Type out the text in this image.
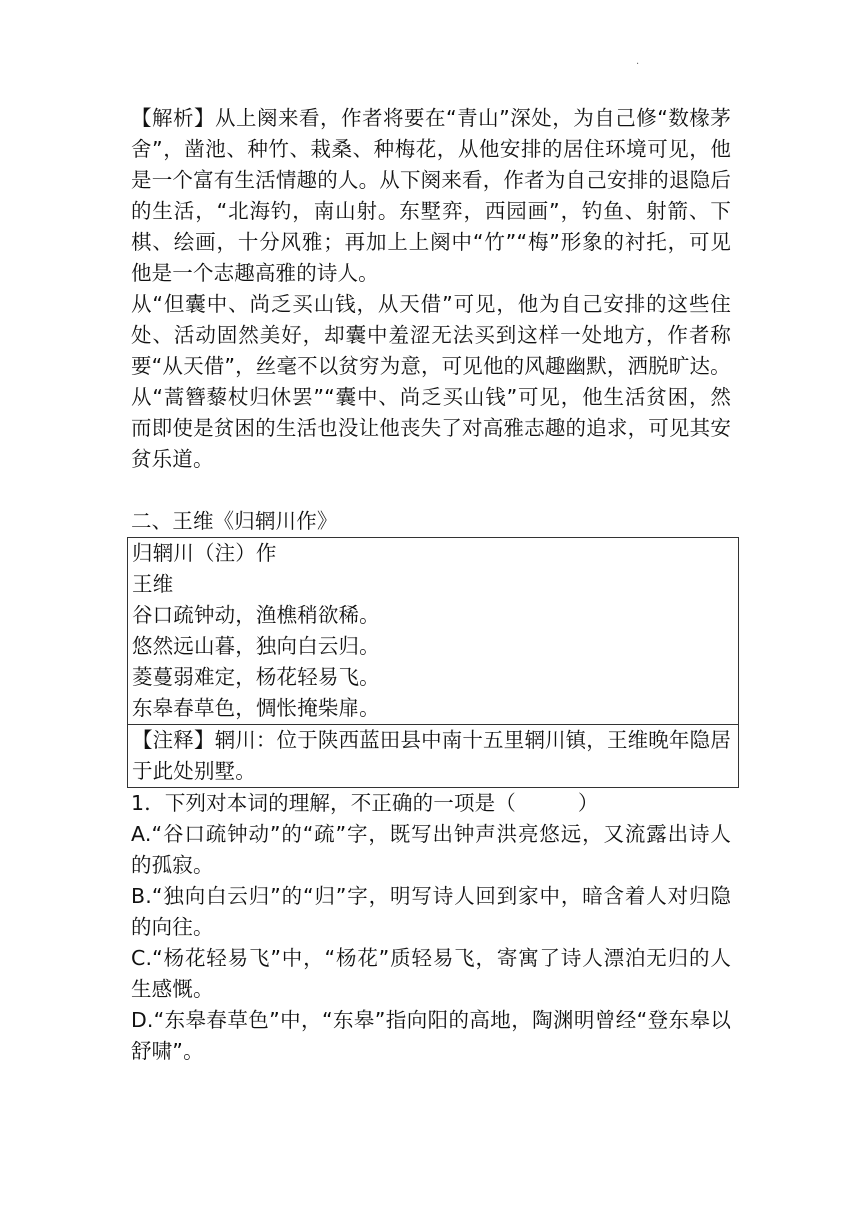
.

【解析】从上阕来看，作者将要在“青山”深处，为自己修“数椽茅舍”，凿池、种竹、栽桑、种梅花，从他安排的居住环境可见，他是一个富有生活情趣的人。从下阕来看，作者为自己安排的退隐后的生活，“北海钓，南山射。东墅弈，西园画”，钓鱼、射箭、下棋、绘画，十分风雅；再加上上阕中“竹”“梅”形象的衬托，可见他是一个志趣高雅的诗人。

从“但囊中、尚乏买山钱，从天借”可见，他为自己安排的这些住处、活动固然美好，却囊中羞涩无法买到这样一处地方，作者称要“从天借”，丝毫不以贫穷为意，可见他的风趣幽默，洒脱旷达。

从“蒿簪藜杖归休罢”“囊中、尚乏买山钱”可见，他生活贫困，然而即使是贫困的生活也没让他丧失了对高雅志趣的追求，可见其安贫乐道。

二、王维《归辋川作》

归辋川（注）作

王维

谷口疏钟动，渔樵稍欲稀。

悠然远山暮，独向白云归。

菱蔓弱难定，杨花轻易飞。

东皋春草色，惆怅掩柴扉。

【注释】辋川：位于陕西蓝田县中南十五里辋川镇，王维晚年隐居于此处别墅。

1．下列对本词的理解，不正确的一项是（　　　）

A.“谷口疏钟动”的“疏”字，既写出钟声洪亮悠远，又流露出诗人的孤寂。

B.“独向白云归”的“归”字，明写诗人回到家中，暗含着人对归隐的向往。

C.“杨花轻易飞”中，“杨花”质轻易飞，寄寓了诗人漂泊无归的人生感慨。

D.“东皋春草色”中，“东皋”指向阳的高地，陶渊明曾经“登东皋以舒啸”。
